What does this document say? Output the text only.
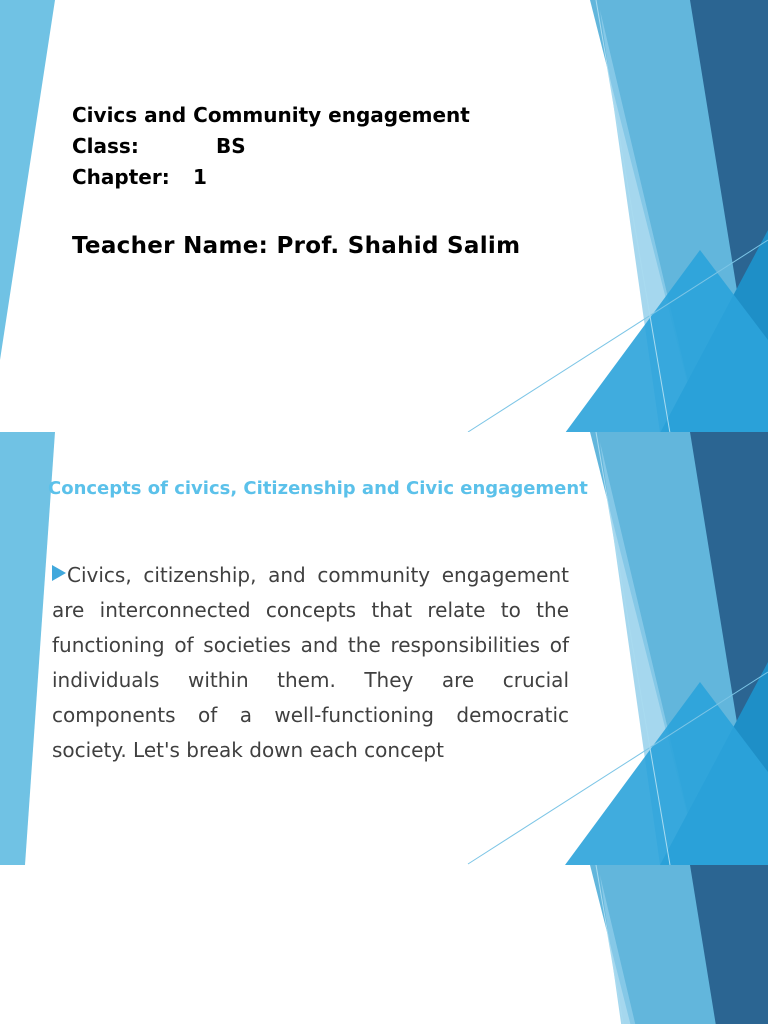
Civics and Community engagement
Class:	BS
Chapter: 1
Teacher Name: Prof. Shahid Salim
Concepts of civics, Citizenship and Civic engagement
Civics, citizenship, and community engagement are interconnected concepts that relate to the functioning of societies and the responsibilities of individuals within them. They are crucial components of a well-functioning democratic society. Let's break down each concept
